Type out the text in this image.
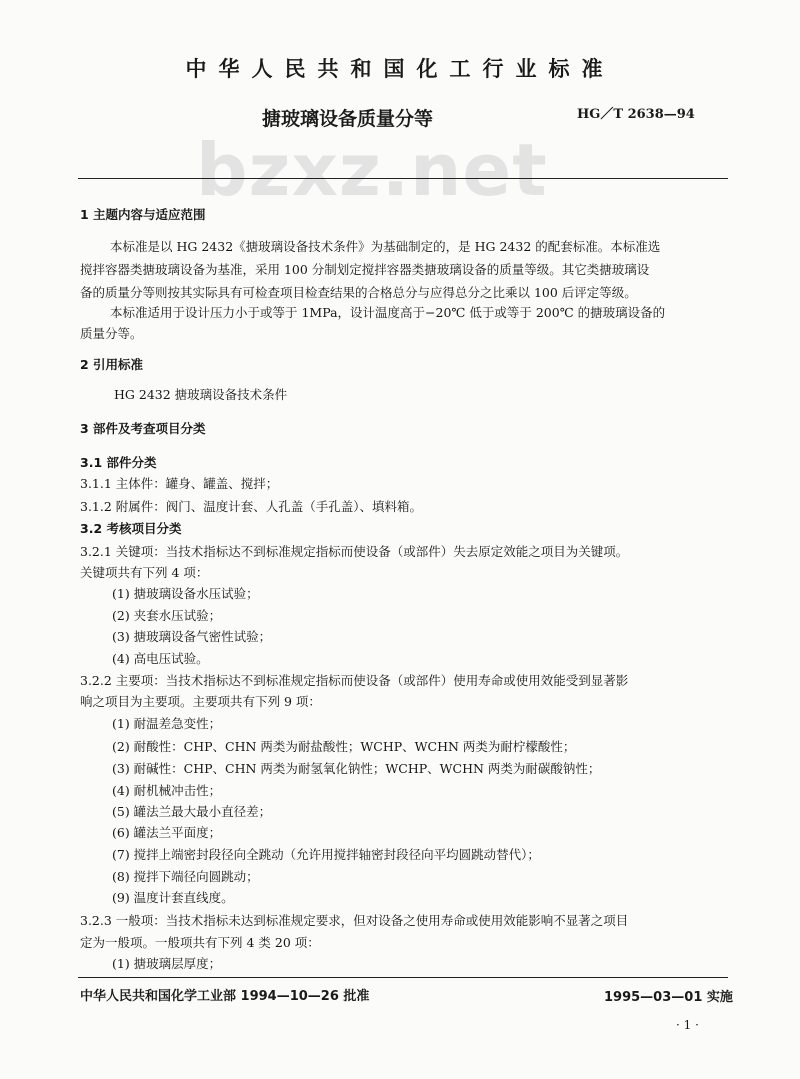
中华人民共和国化工行业标准
搪玻璃设备质量分等	HG／T 2638—94
bzxz.net
1 主题内容与适应范围
本标准是以 HG 2432《搪玻璃设备技术条件》为基础制定的，是 HG 2432 的配套标准。本标准选
搅拌容器类搪玻璃设备为基准，采用 100 分制划定搅拌容器类搪玻璃设备的质量等级。其它类搪玻璃设
备的质量分等则按其实际具有可检查项目检查结果的合格总分与应得总分之比乘以 100 后评定等级。
本标准适用于设计压力小于或等于 1MPa，设计温度高于−20℃ 低于或等于 200℃ 的搪玻璃设备的
质量分等。
2 引用标准
HG 2432 搪玻璃设备技术条件
3 部件及考查项目分类
3.1 部件分类
3.1.1 主体件：罐身、罐盖、搅拌；
3.1.2 附属件：阀门、温度计套、人孔盖（手孔盖）、填料箱。
3.2 考核项目分类
3.2.1 关键项：当技术指标达不到标准规定指标而使设备（或部件）失去原定效能之项目为关键项。
关键项共有下列 4 项：
(1) 搪玻璃设备水压试验；
(2) 夹套水压试验；
(3) 搪玻璃设备气密性试验；
(4) 高电压试验。
3.2.2 主要项：当技术指标达不到标准规定指标而使设备（或部件）使用寿命或使用效能受到显著影
响之项目为主要项。主要项共有下列 9 项：
(1) 耐温差急变性；
(2) 耐酸性：CHP、CHN 两类为耐盐酸性；WCHP、WCHN 两类为耐柠檬酸性；
(3) 耐碱性：CHP、CHN 两类为耐氢氧化钠性；WCHP、WCHN 两类为耐碳酸钠性；
(4) 耐机械冲击性；
(5) 罐法兰最大最小直径差；
(6) 罐法兰平面度；
(7) 搅拌上端密封段径向全跳动（允许用搅拌轴密封段径向平均圆跳动替代）；
(8) 搅拌下端径向圆跳动；
(9) 温度计套直线度。
3.2.3 一般项：当技术指标未达到标准规定要求，但对设备之使用寿命或使用效能影响不显著之项目
定为一般项。一般项共有下列 4 类 20 项：
(1) 搪玻璃层厚度；
中华人民共和国化学工业部 1994—10—26 批准	1995—03—01 实施
· 1 ·
